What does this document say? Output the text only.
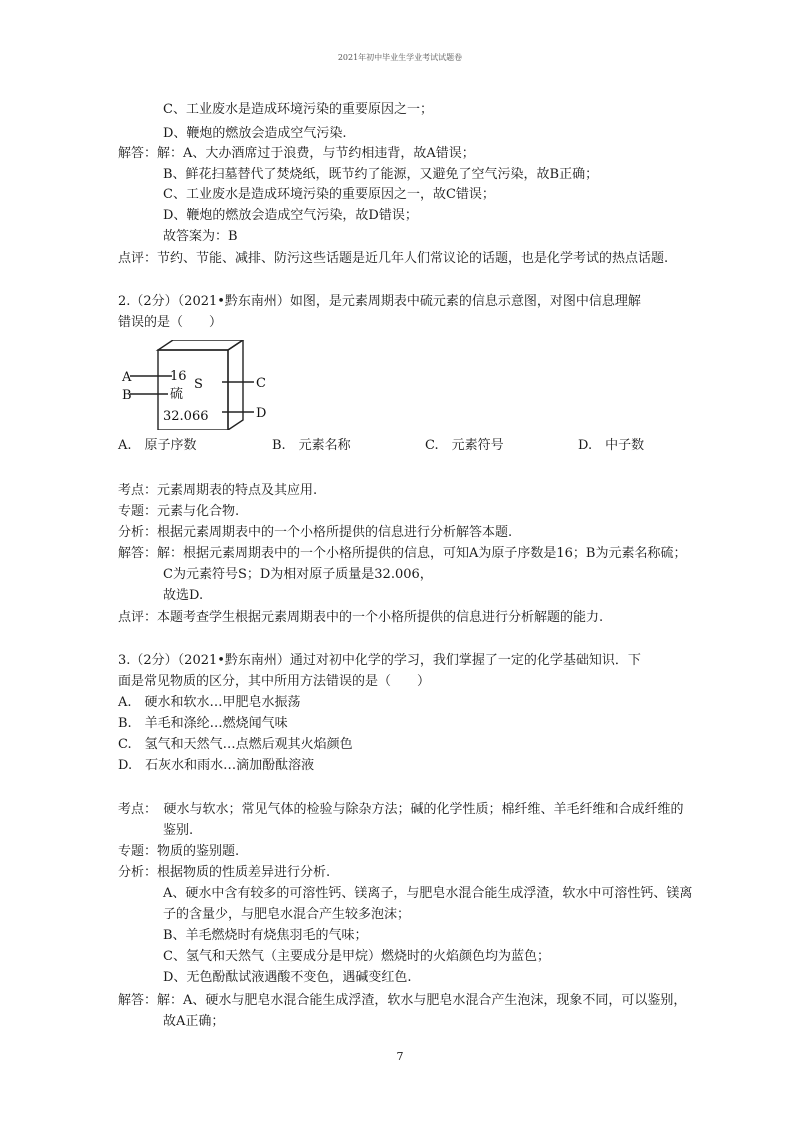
2021年初中毕业生学业考试试题卷
C、工业废水是造成环境污染的重要原因之一；
D、鞭炮的燃放会造成空气污染.
解答：解：A、大办酒席过于浪费，与节约相违背，故A错误；
B、鲜花扫墓替代了焚烧纸，既节约了能源，又避免了空气污染，故B正确；
C、工业废水是造成环境污染的重要原因之一，故C错误；
D、鞭炮的燃放会造成空气污染，故D错误；
故答案为：B
点评：节约、节能、减排、防污这些话题是近几年人们常议论的话题，也是化学考试的热点话题.
2.（2分）（2021•黔东南州）如图，是元素周期表中硫元素的信息示意图，对图中信息理解
错误的是（　　）
A
B
C
D
16
S
硫
32.066
A.　原子序数	B.　元素名称	C.　元素符号	D.　中子数
考点：元素周期表的特点及其应用.
专题：元素与化合物.
分析：根据元素周期表中的一个小格所提供的信息进行分析解答本题.
解答：解：根据元素周期表中的一个小格所提供的信息，可知A为原子序数是16；B为元素名称硫；
C为元素符号S；D为相对原子质量是32.006，
故选D.
点评：本题考查学生根据元素周期表中的一个小格所提供的信息进行分析解题的能力.
3.（2分）（2021•黔东南州）通过对初中化学的学习，我们掌握了一定的化学基础知识．下
面是常见物质的区分，其中所用方法错误的是（　　）
A.　硬水和软水…甲肥皂水振荡
B.　羊毛和涤纶…燃烧闻气味
C.　氢气和天然气…点燃后观其火焰颜色
D.　石灰水和雨水…滴加酚酞溶液
考点：　硬水与软水；常见气体的检验与除杂方法；碱的化学性质；棉纤维、羊毛纤维和合成纤维的
鉴别.
专题：物质的鉴别题.
分析：根据物质的性质差异进行分析.
A、硬水中含有较多的可溶性钙、镁离子，与肥皂水混合能生成浮渣，软水中可溶性钙、镁离
子的含量少，与肥皂水混合产生较多泡沫；
B、羊毛燃烧时有烧焦羽毛的气味；
C、氢气和天然气（主要成分是甲烷）燃烧时的火焰颜色均为蓝色；
D、无色酚酞试液遇酸不变色，遇碱变红色.
解答：解：A、硬水与肥皂水混合能生成浮渣，软水与肥皂水混合产生泡沫，现象不同，可以鉴别，
故A正确；
7
